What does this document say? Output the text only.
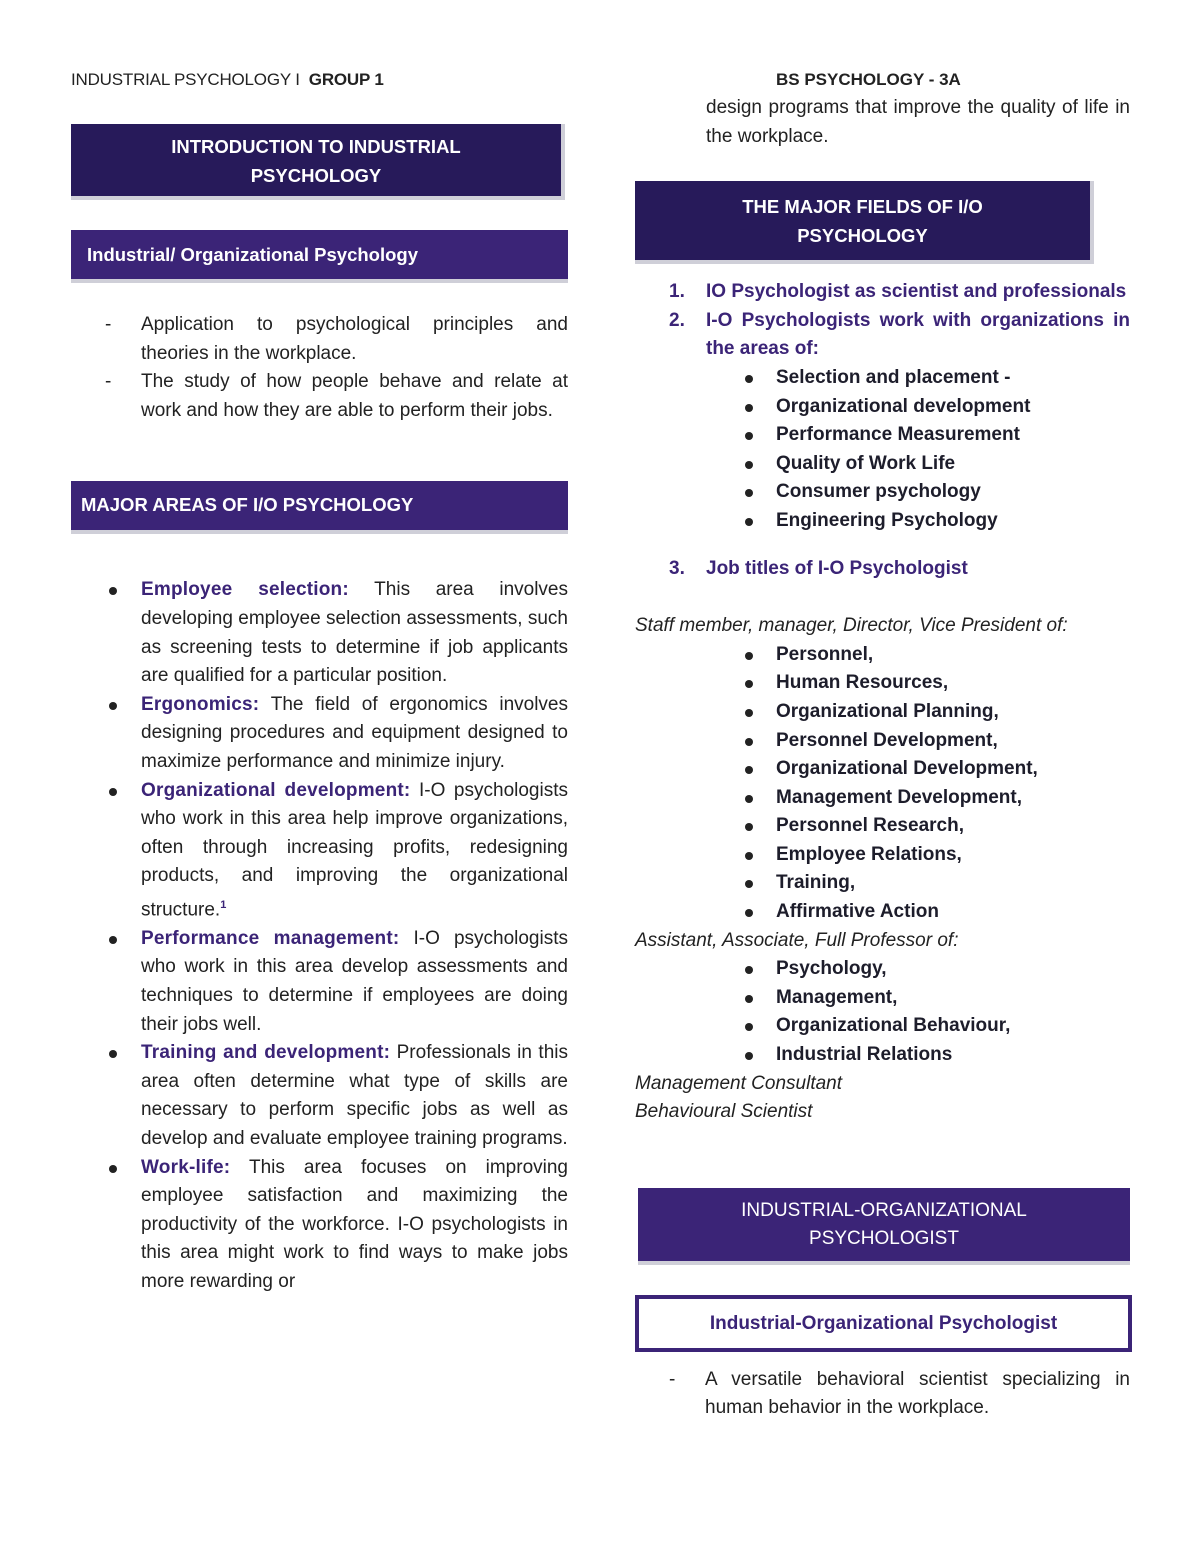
INDUSTRIAL PSYCHOLOGY I GROUP 1	BS PSYCHOLOGY - 3A
INTRODUCTION TO INDUSTRIAL
PSYCHOLOGY
Industrial/ Organizational Psychology
- Application to psychological principles and theories in the workplace.
- The study of how people behave and relate at work and how they are able to perform their jobs.
MAJOR AREAS OF I/O PSYCHOLOGY
Employee selection: This area involves developing employee selection assessments, such as screening tests to determine if job applicants are qualified for a particular position.
Ergonomics: The field of ergonomics involves designing procedures and equipment designed to maximize performance and minimize injury.
Organizational development: I-O psychologists who work in this area help improve organizations, often through increasing profits, redesigning products, and improving the organizational structure.$^1$
Performance management: I-O psychologists who work in this area develop assessments and techniques to determine if employees are doing their jobs well.
Training and development: Professionals in this area often determine what type of skills are necessary to perform specific jobs as well as develop and evaluate employee training programs.
Work-life: This area focuses on improving employee satisfaction and maximizing the productivity of the workforce. I-O psychologists in this area might work to find ways to make jobs more rewarding or
design programs that improve the quality of life in the workplace.
THE MAJOR FIELDS OF I/O
PSYCHOLOGY
1. IO Psychologist as scientist and professionals
2. I-O Psychologists work with organizations in the areas of:
Selection and placement -
Organizational development
Performance Measurement
Quality of Work Life
Consumer psychology
Engineering Psychology
3. Job titles of I-O Psychologist
Staff member, manager, Director, Vice President of:
Personnel,
Human Resources,
Organizational Planning,
Personnel Development,
Organizational Development,
Management Development,
Personnel Research,
Employee Relations,
Training,
Affirmative Action
Assistant, Associate, Full Professor of:
Psychology,
Management,
Organizational Behaviour,
Industrial Relations
Management Consultant
Behavioural Scientist
INDUSTRIAL-ORGANIZATIONAL
PSYCHOLOGIST
Industrial-Organizational Psychologist
- A versatile behavioral scientist specializing in human behavior in the workplace.
